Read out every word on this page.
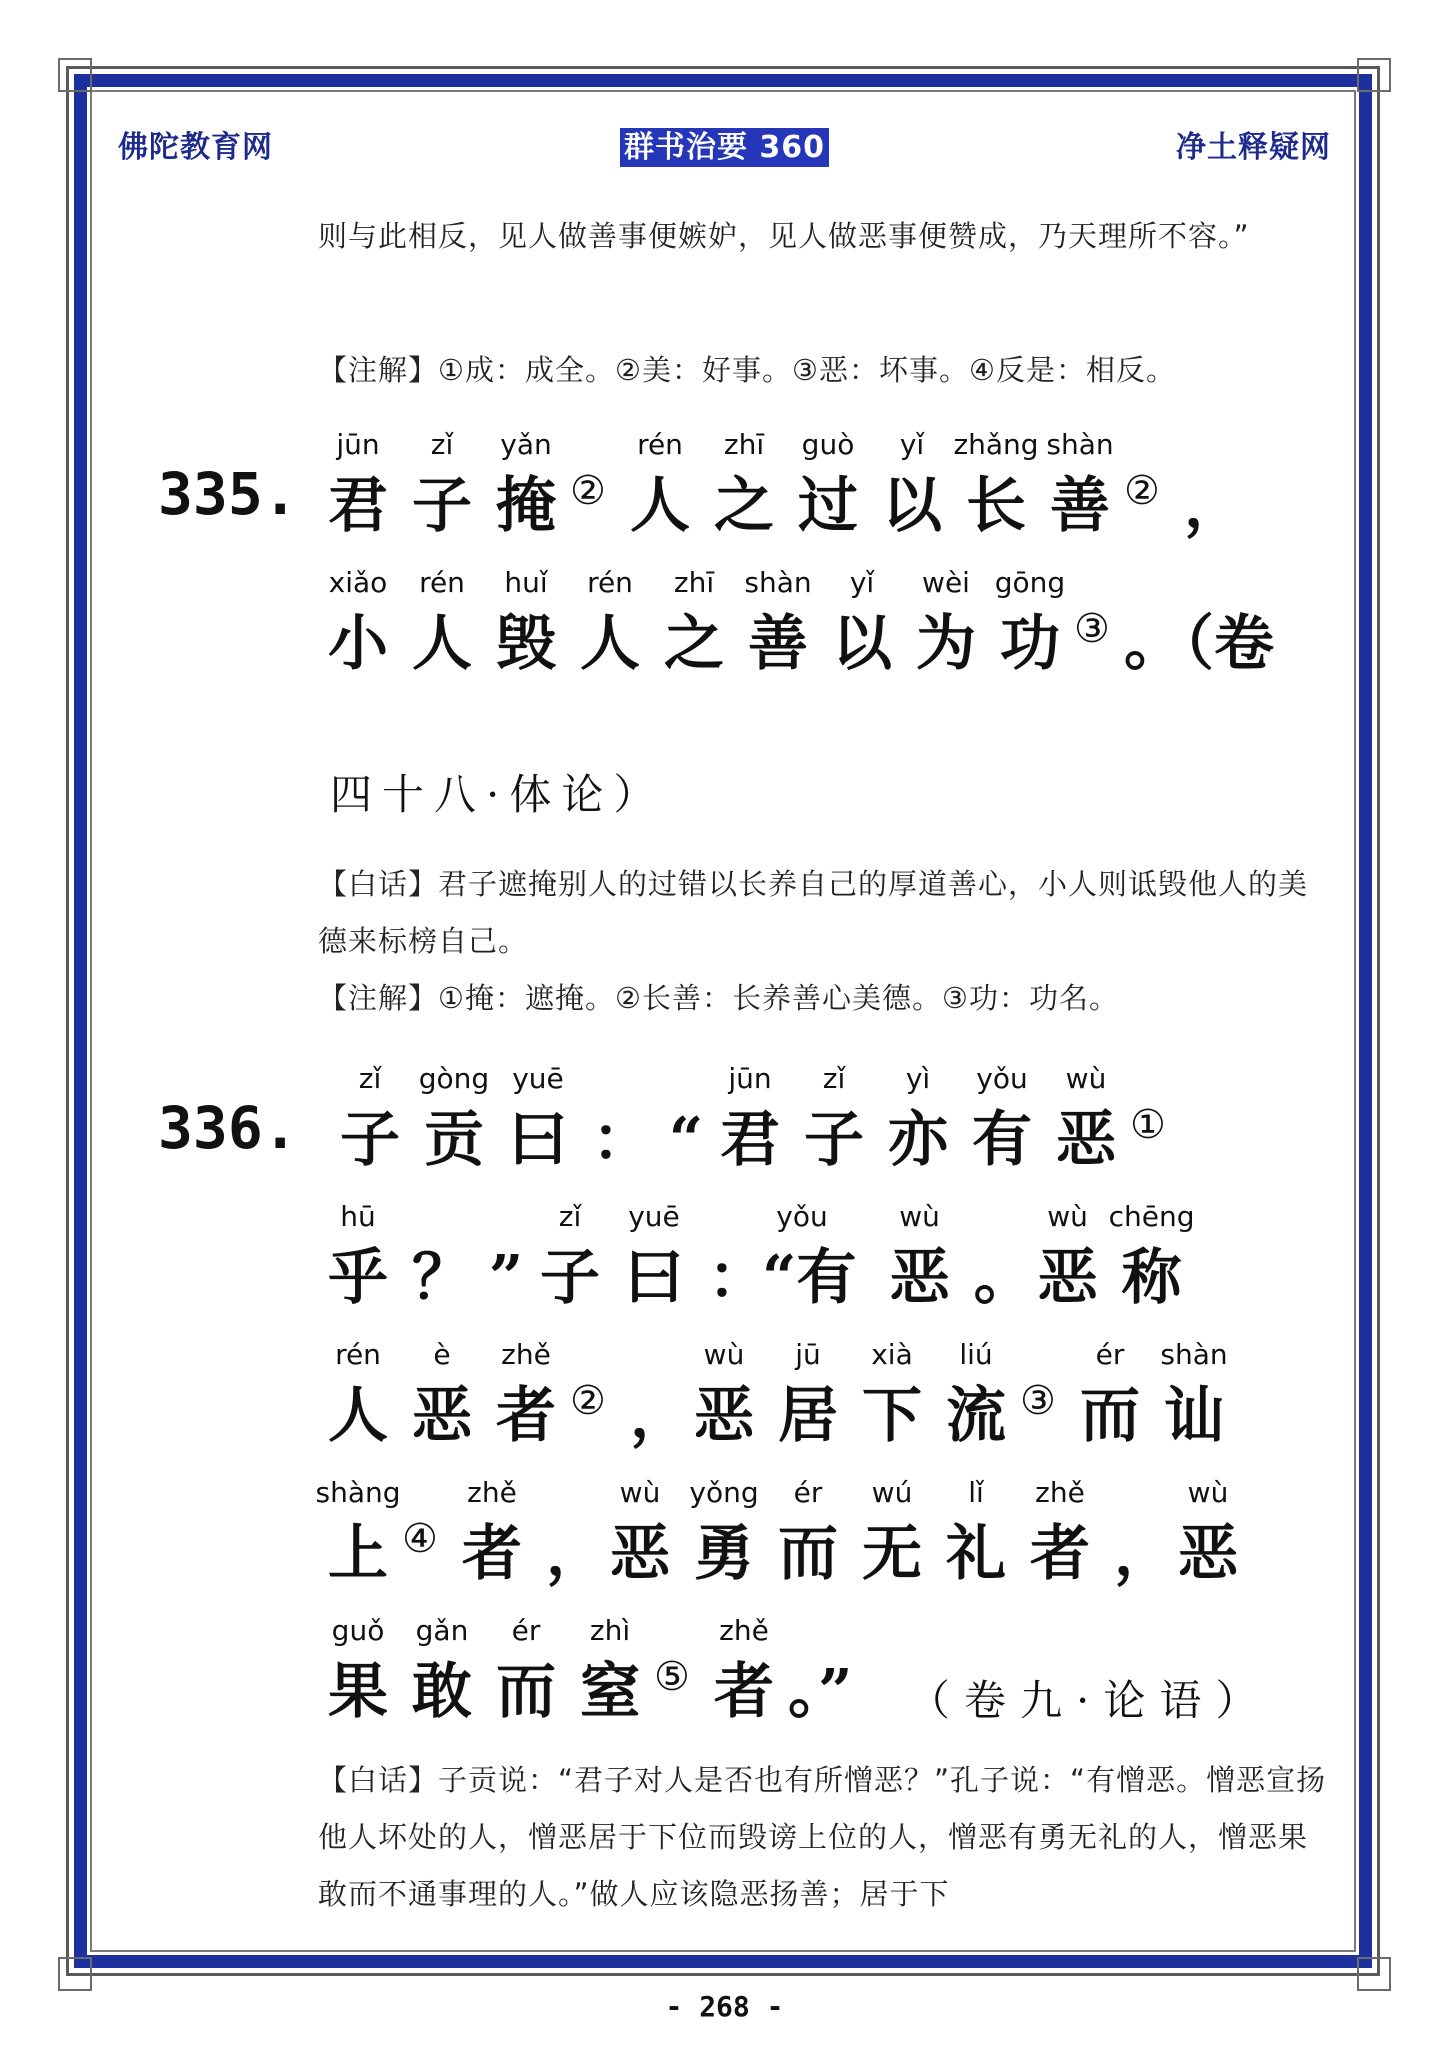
佛陀教育网	群书治要 360	净土释疑网
则与此相反，见人做善事便嫉妒，见人做恶事便赞成，乃天理所不容。”
【注解】①成：成全。②美：好事。③恶：坏事。④反是：相反。
335.
jūn
君
zǐ
子
yǎn
掩 ②
rén
人
zhī
之
guò
过
yǐ
以
zhǎng
长
shàn
善 ② ，
xiǎo
小
rén
人
huǐ
毁
rén
人
zhī
之
shàn
善
yǐ
以
wèi
为
gōng
功 ③ 。（卷
四十八·体论）
【白话】君子遮掩别人的过错以长养自己的厚道善心，小人则诋毁他人的美德来标榜自己。
【注解】①掩：遮掩。②长善：长养善心美德。③功：功名。
336.
zǐ
子
gòng
贡
yuē
曰 ： “
jūn
君
zǐ
子
yì
亦
yǒu
有
wù
恶 ①
hū
乎 ？ ”
zǐ
子
yuē
曰 ：
yǒu
“有
wù
恶 。
wù
恶
chēng
称
rén
人
è
恶
zhě
者 ② ，
wù
恶
jū
居
xià
下
liú
流 ③
ér
而
shàn
讪
shàng
上 ④
zhě
者 ，
wù
恶
yǒng
勇
ér
而
wú
无
lǐ
礼
zhě
者 ，
wù
恶
guǒ
果
gǎn
敢
ér
而
zhì
窒 ⑤
zhě
者 。” （卷九·论语）
【白话】子贡说：“君子对人是否也有所憎恶？”孔子说：“有憎恶。憎恶宣扬他人坏处的人，憎恶居于下位而毁谤上位的人，憎恶有勇无礼的人，憎恶果敢而不通事理的人。”做人应该隐恶扬善；居于下
- 268 -
